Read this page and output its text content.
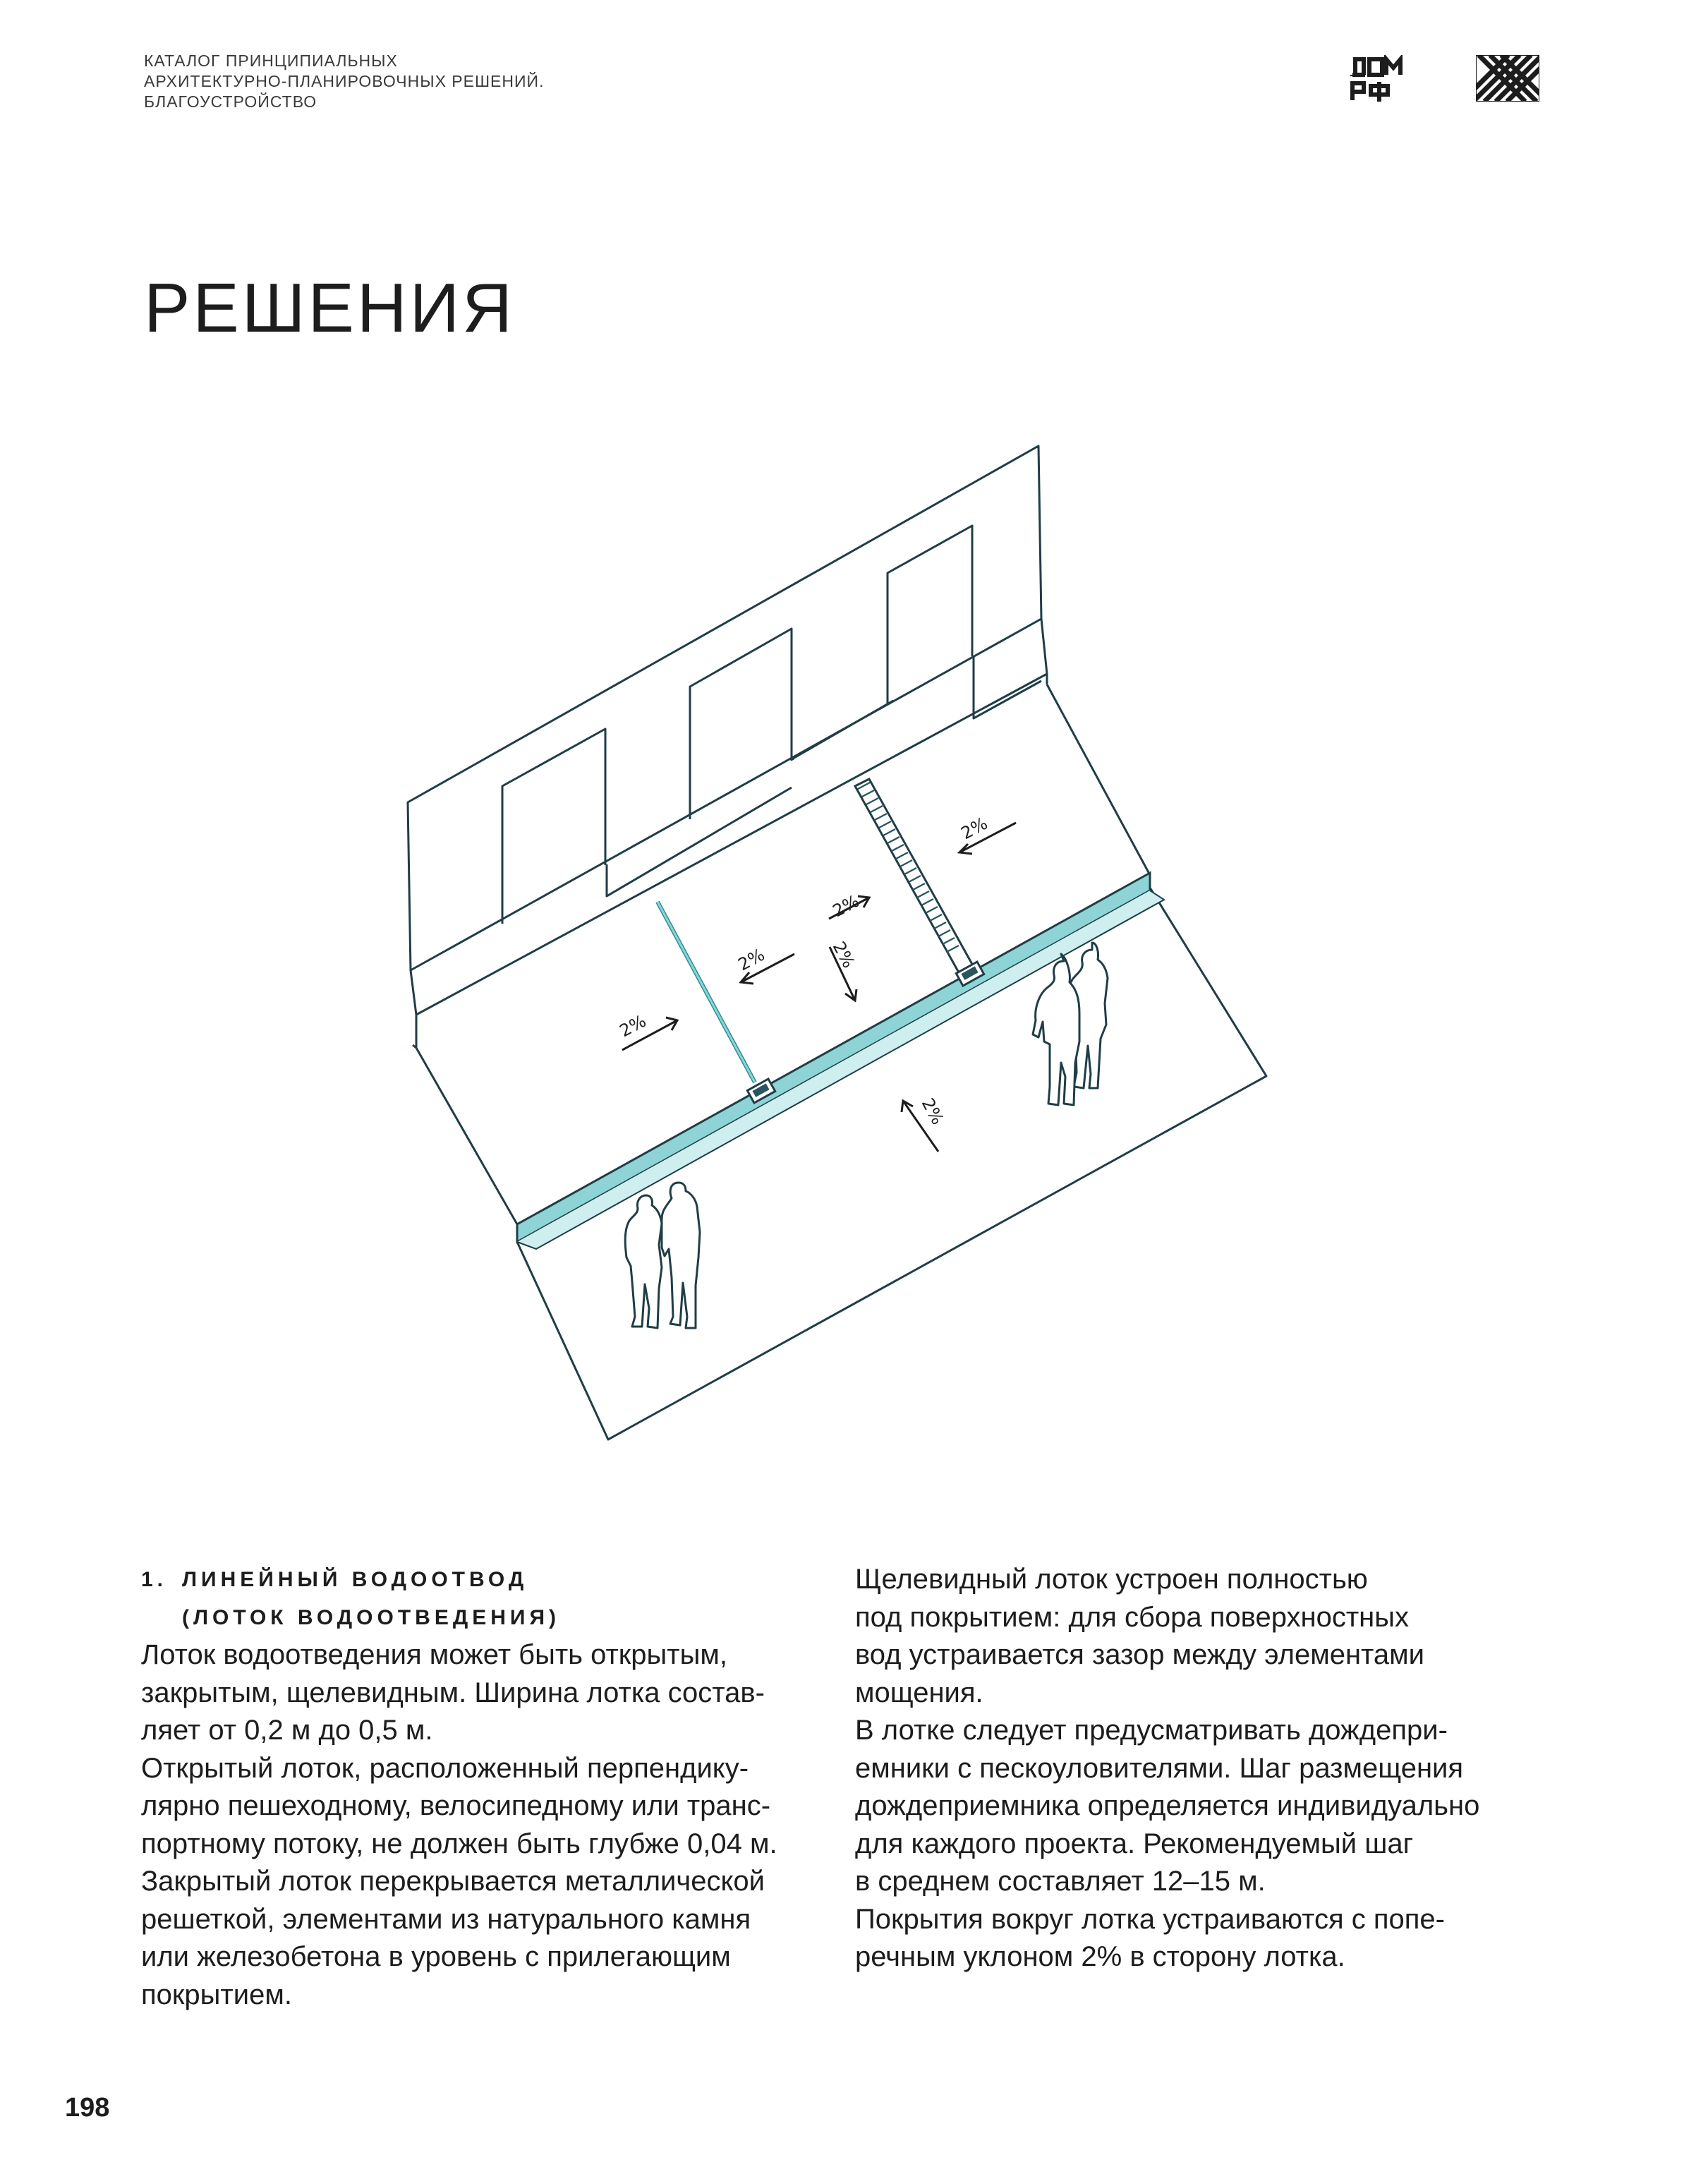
КАТАЛОГ ПРИНЦИПИАЛЬНЫХ
АРХИТЕКТУРНО-ПЛАНИРОВОЧНЫХ РЕШЕНИЙ.
БЛАГОУСТРОЙСТВО
РЕШЕНИЯ
2%
2%
2%	2%
2%
2%
1. ЛИНЕЙНЫЙ ВОДООТВОД
(ЛОТОК ВОДООТВЕДЕНИЯ)
Лоток водоотведения может быть открытым,
закрытым, щелевидным. Ширина лотка состав-
ляет от 0,2 м до 0,5 м.
Открытый лоток, расположенный перпендику-
лярно пешеходному, велосипедному или транс-
портному потоку, не должен быть глубже 0,04 м.
Закрытый лоток перекрывается металлической
решеткой, элементами из натурального камня
или железобетона в уровень с прилегающим
покрытием.
Щелевидный лоток устроен полностью
под покрытием: для сбора поверхностных
вод устраивается зазор между элементами
мощения.
В лотке следует предусматривать дождепри-
емники с пескоуловителями. Шаг размещения
дождеприемника определяется индивидуально
для каждого проекта. Рекомендуемый шаг
в среднем составляет 12–15 м.
Покрытия вокруг лотка устраиваются с попе-
речным уклоном 2% в сторону лотка.
198
